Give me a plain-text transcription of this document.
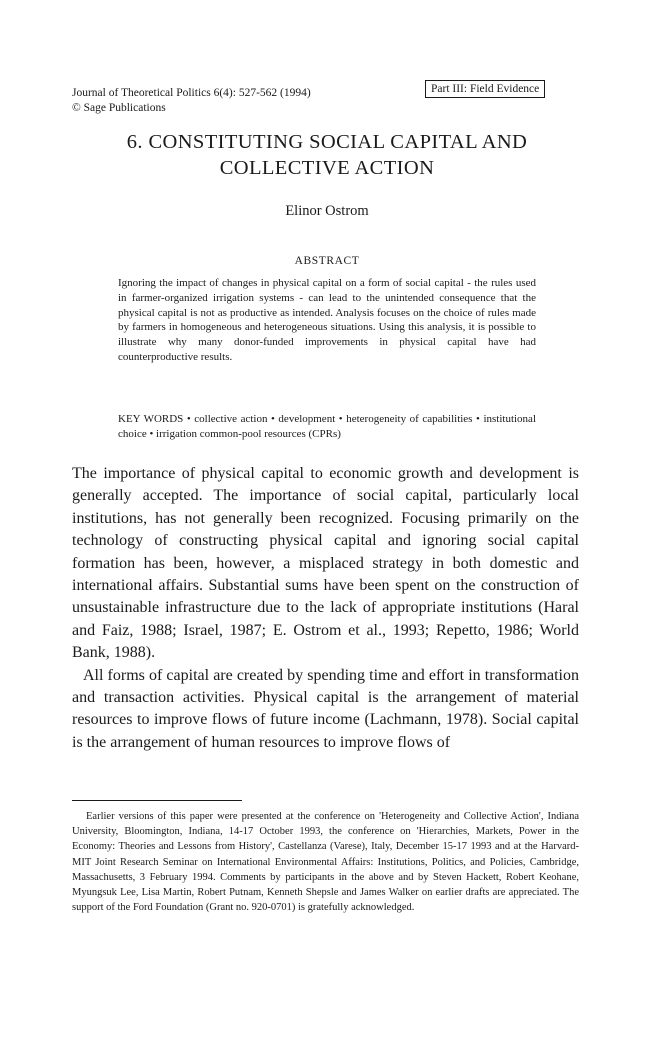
Journal of Theoretical Politics 6(4): 527-562 (1994)
© Sage Publications
Part III: Field Evidence
6. CONSTITUTING SOCIAL CAPITAL AND
COLLECTIVE ACTION
Elinor Ostrom
ABSTRACT

Ignoring the impact of changes in physical capital on a form of social capital - the rules used in farmer-organized irrigation systems - can lead to the unintended consequence that the physical capital is not as productive as intended. Analysis focuses on the choice of rules made by farmers in homogeneous and heterogeneous situations. Using this analysis, it is possible to illustrate why many donor-funded improvements in physical capital have had counterproductive results.

KEY WORDS • collective action • development • heterogeneity of capabilities • institutional choice • irrigation common-pool resources (CPRs)

The importance of physical capital to economic growth and development is generally accepted. The importance of social capital, particularly local institutions, has not generally been recognized. Focusing primarily on the technology of constructing physical capital and ignoring social capital formation has been, however, a misplaced strategy in both domestic and international affairs. Substantial sums have been spent on the construction of unsustainable infrastructure due to the lack of appropriate institutions (Haral and Faiz, 1988; Israel, 1987; E. Ostrom et al., 1993; Repetto, 1986; World Bank, 1988).

All forms of capital are created by spending time and effort in transformation and transaction activities. Physical capital is the arrangement of material resources to improve flows of future income (Lachmann, 1978). Social capital is the arrangement of human resources to improve flows of

Earlier versions of this paper were presented at the conference on 'Heterogeneity and Collective Action', Indiana University, Bloomington, Indiana, 14-17 October 1993, the conference on 'Hierarchies, Markets, Power in the Economy: Theories and Lessons from History', Castellanza (Varese), Italy, December 15-17 1993 and at the Harvard-MIT Joint Research Seminar on International Environmental Affairs: Institutions, Politics, and Policies, Cambridge, Massachusetts, 3 February 1994. Comments by participants in the above and by Steven Hackett, Robert Keohane, Myungsuk Lee, Lisa Martin, Robert Putnam, Kenneth Shepsle and James Walker on earlier drafts are appreciated. The support of the Ford Foundation (Grant no. 920-0701) is gratefully acknowledged.
